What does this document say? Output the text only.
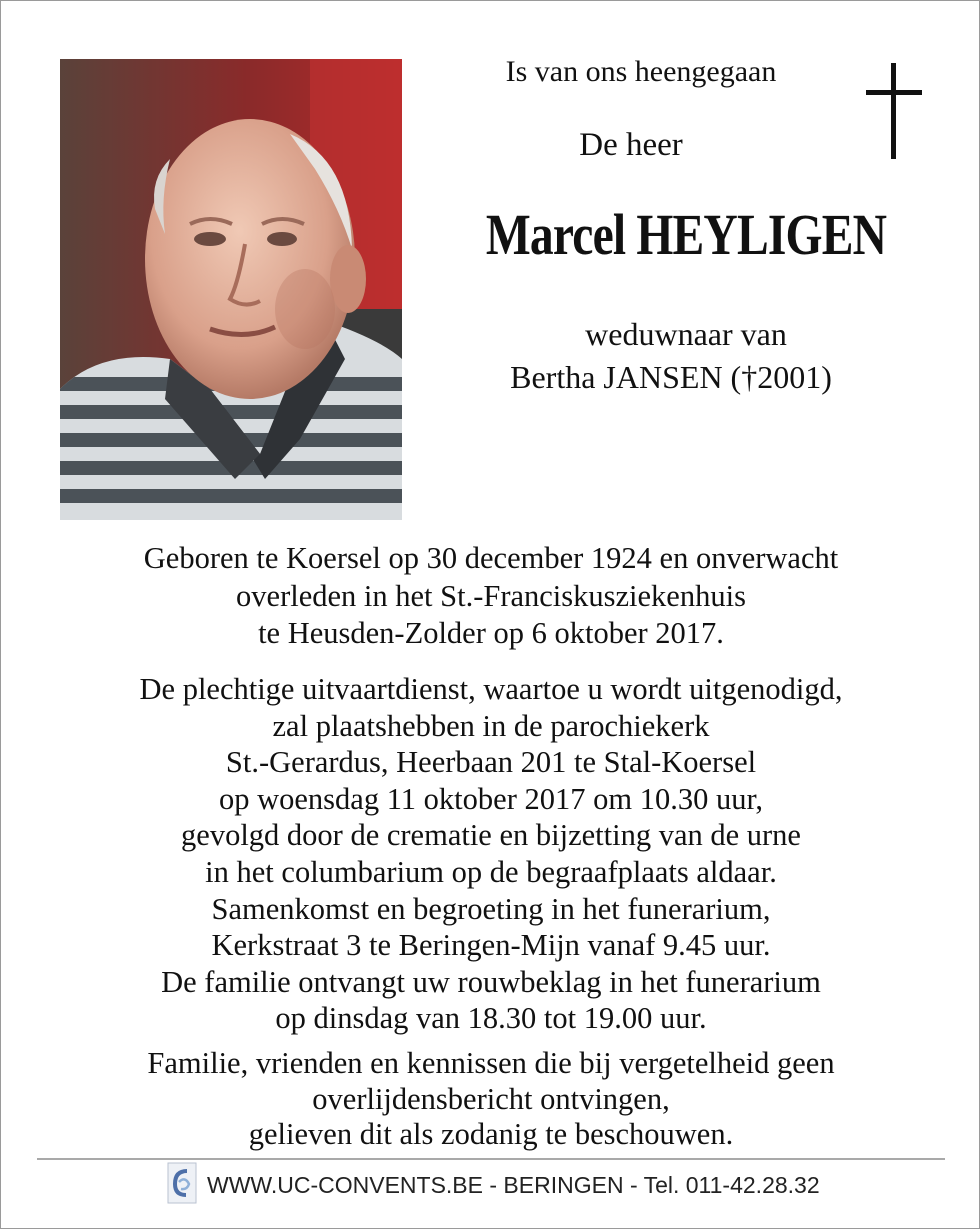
Is van ons heengegaan
De heer
Marcel HEYLIGEN
weduwnaar van
Bertha JANSEN (†2001)
Geboren te Koersel op 30 december 1924 en onverwacht
overleden in het St.-Franciskusziekenhuis
te Heusden-Zolder op 6 oktober 2017.
De plechtige uitvaartdienst, waartoe u wordt uitgenodigd,
zal plaatshebben in de parochiekerk
St.-Gerardus, Heerbaan 201 te Stal-Koersel
op woensdag 11 oktober 2017 om 10.30 uur,
gevolgd door de crematie en bijzetting van de urne
in het columbarium op de begraafplaats aldaar.
Samenkomst en begroeting in het funerarium,
Kerkstraat 3 te Beringen-Mijn vanaf 9.45 uur.
De familie ontvangt uw rouwbeklag in het funerarium
op dinsdag van 18.30 tot 19.00 uur.
Familie, vrienden en kennissen die bij vergetelheid geen
overlijdensbericht ontvingen,
gelieven dit als zodanig te beschouwen.
WWW.UC-CONVENTS.BE - BERINGEN - Tel. 011-42.28.32
